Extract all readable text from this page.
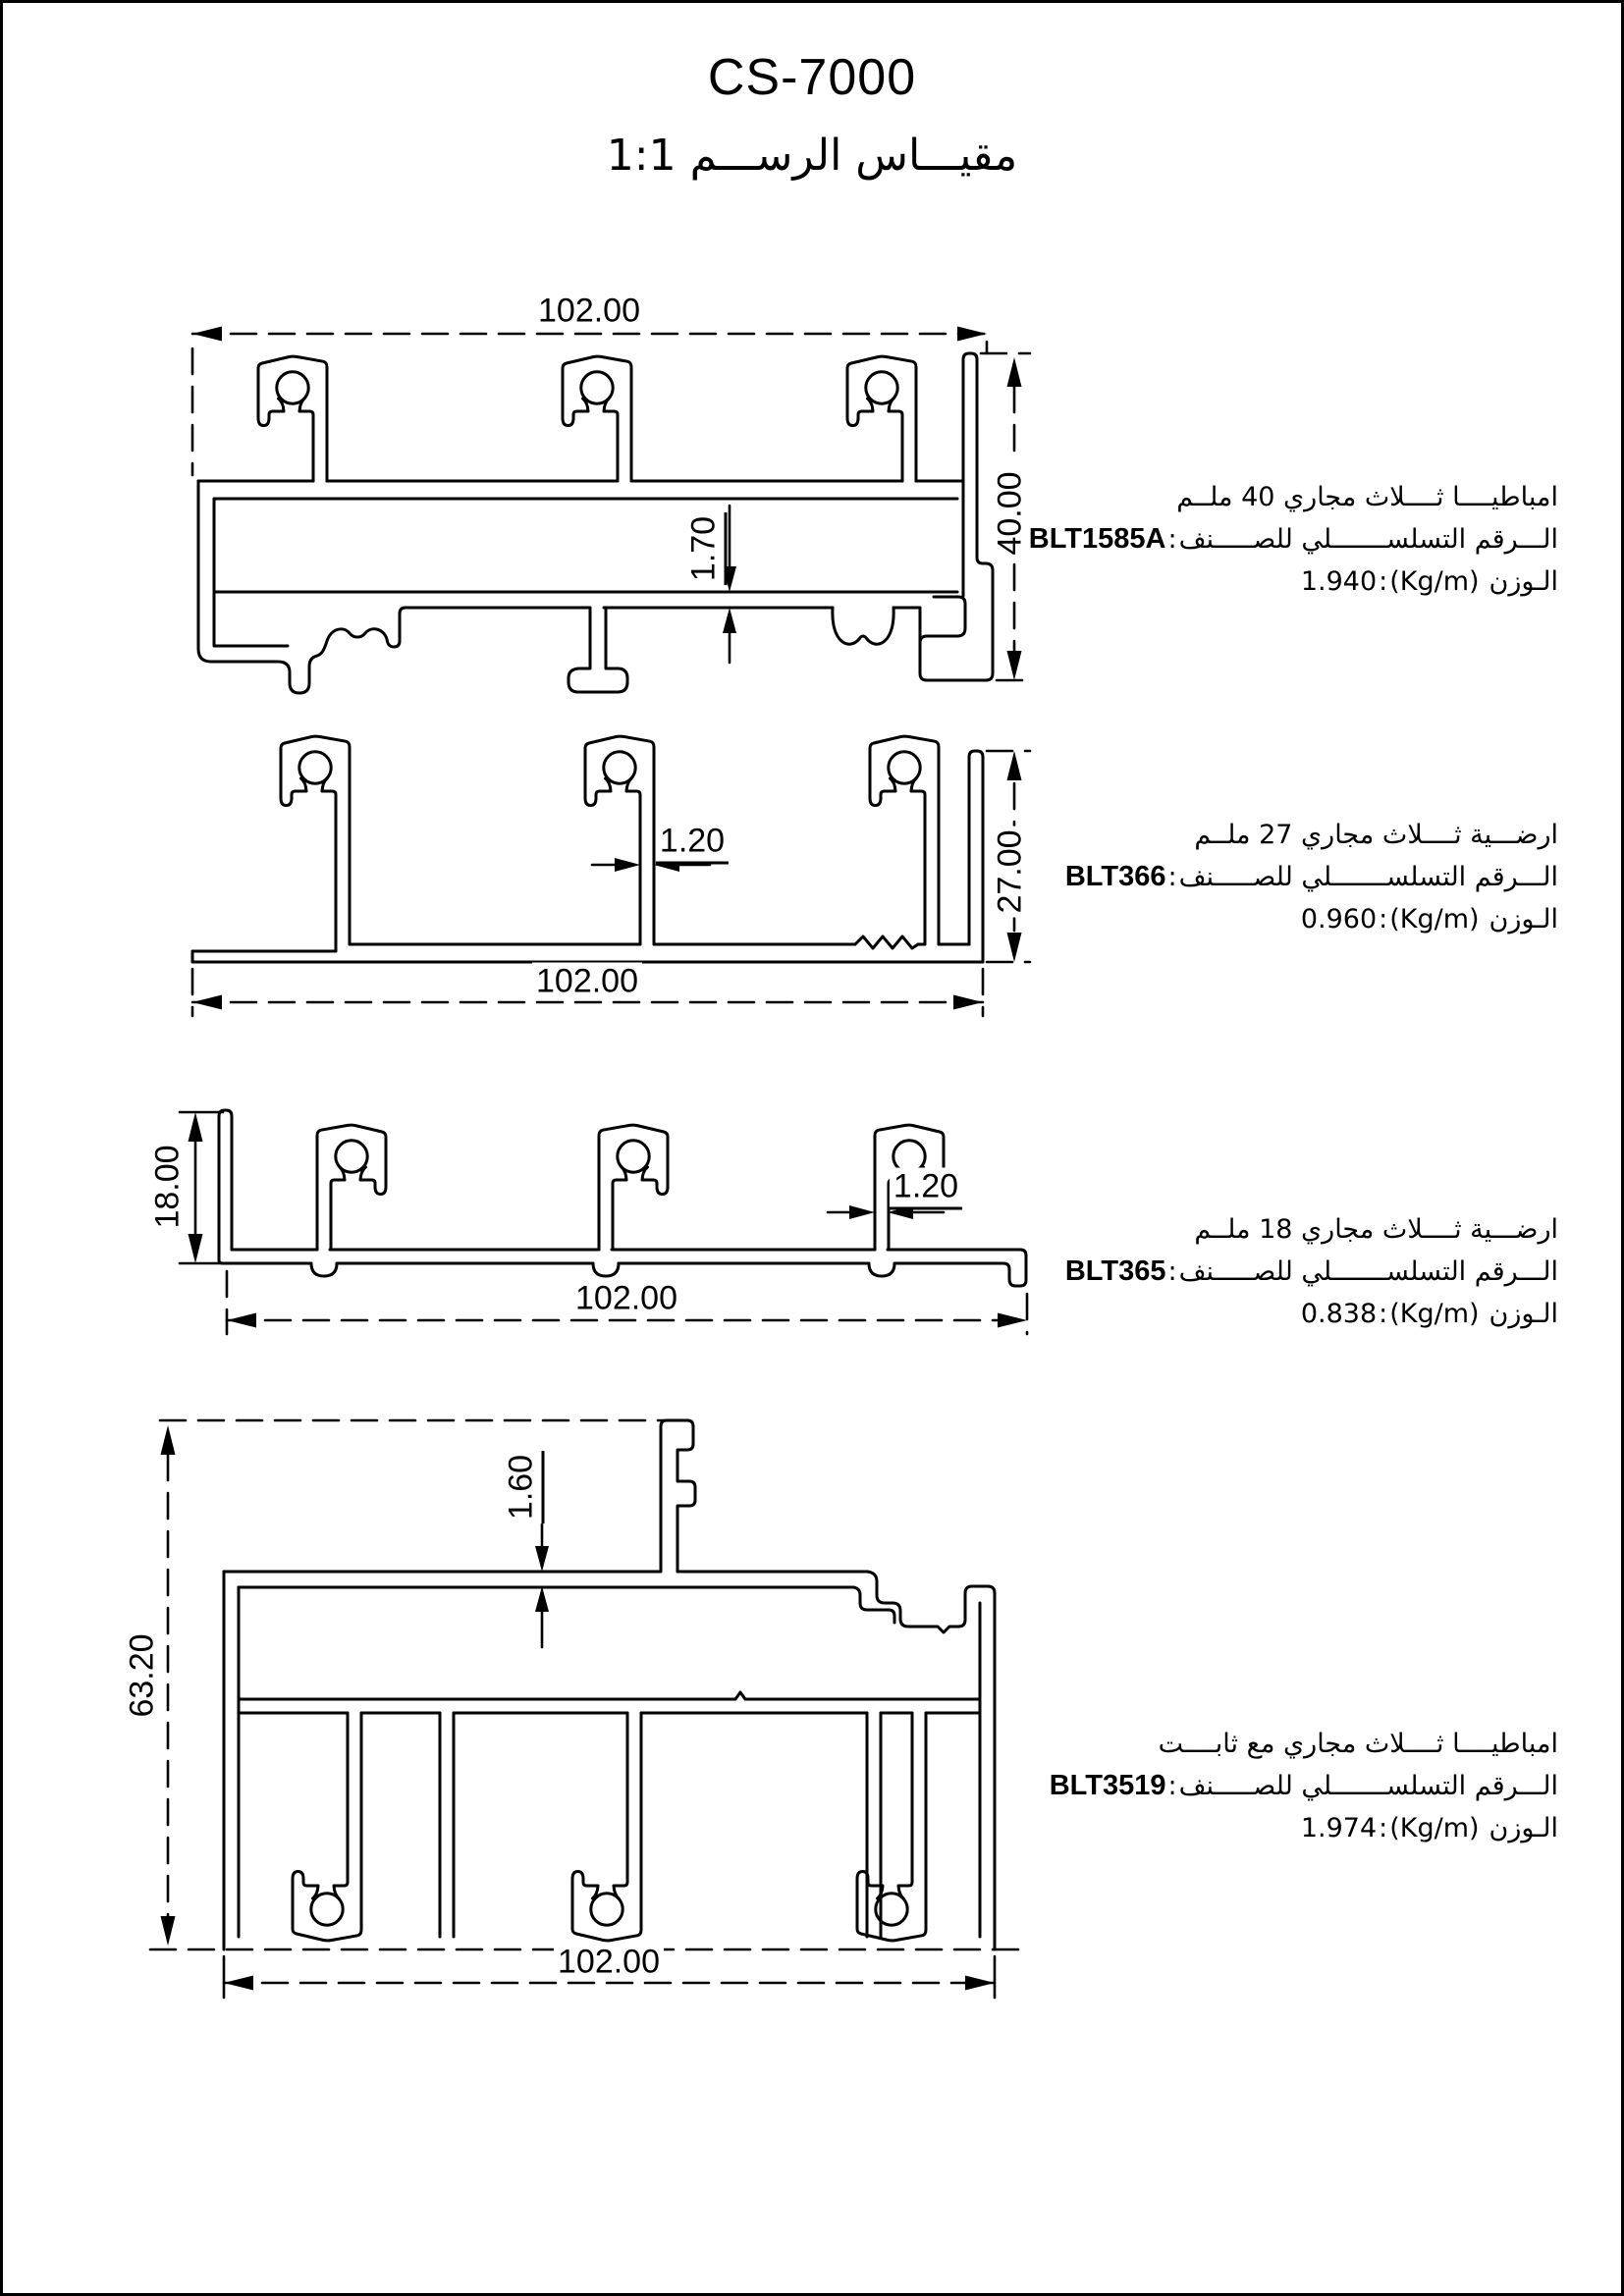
CS-7000
مقيـــاس الرســـم 1:1
102.00
40.00
1.70
102.00
27.00
1.20
102.00
18.00	1.20
102.00
63.20
1.60
امباطيــــا ثــــلاث مجاري 40 ملــم
BLT1585A : الـــرقم التسلســـــــلي للصـــــنف
1.940 : (Kg/m) الـوزن
ارضـــية ثــــلاث مجاري 27 ملــم
BLT366 : الـــرقم التسلســـــــلي للصـــــنف
0.960 : (Kg/m) الـوزن
ارضـــية ثــــلاث مجاري 18 ملــم
BLT365 : الـــرقم التسلســـــــلي للصـــــنف
0.838 : (Kg/m) الـوزن
امباطيــــا ثــــلاث مجاري مع ثابــــت
BLT3519 : الـــرقم التسلســـــــلي للصـــــنف
1.974 : (Kg/m) الـوزن
